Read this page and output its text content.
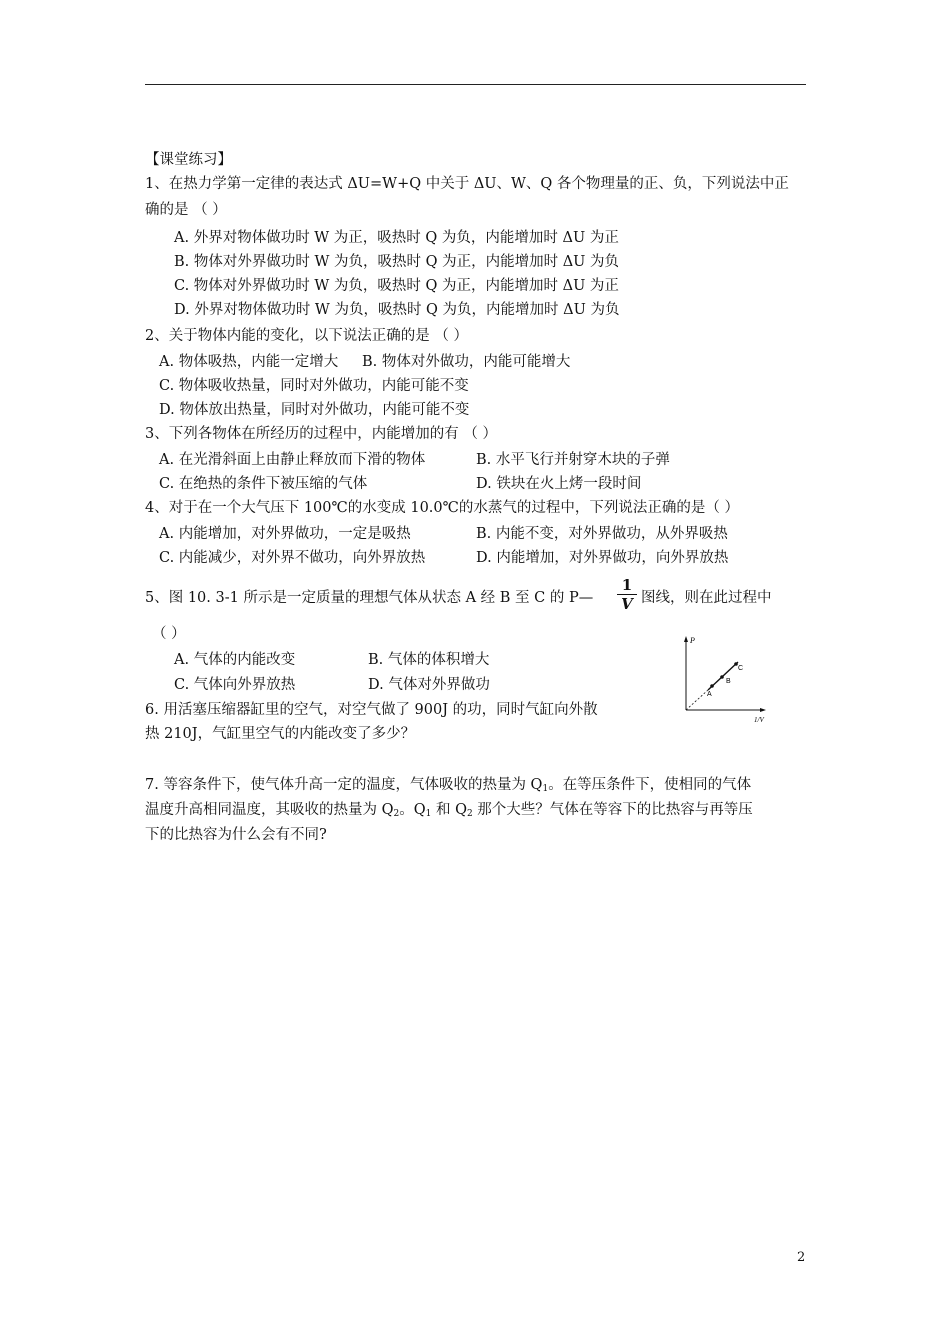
【课堂练习】
1、在热力学第一定律的表达式 ΔU=W+Q 中关于 ΔU、W、Q 各个物理量的正、负，下列说法中正
确的是 （ ）
A. 外界对物体做功时 W 为正，吸热时 Q 为负，内能增加时 ΔU 为正
B. 物体对外界做功时 W 为负，吸热时 Q 为正，内能增加时 ΔU 为负
C. 物体对外界做功时 W 为负，吸热时 Q 为正，内能增加时 ΔU 为正
D. 外界对物体做功时 W 为负，吸热时 Q 为负，内能增加时 ΔU 为负
2、关于物体内能的变化，以下说法正确的是 （ ）
A. 物体吸热，内能一定增大 B. 物体对外做功，内能可能增大
C. 物体吸收热量，同时对外做功，内能可能不变
D. 物体放出热量，同时对外做功，内能可能不变
3、下列各物体在所经历的过程中，内能增加的有 （ ）
A. 在光滑斜面上由静止释放而下滑的物体	B. 水平飞行并射穿木块的子弹
C. 在绝热的条件下被压缩的气体	D. 铁块在火上烤一段时间
4、对于在一个大气压下 100℃的水变成 10.0℃的水蒸气的过程中，下列说法正确的是（ ）
A. 内能增加，对外界做功，一定是吸热	B. 内能不变，对外界做功，从外界吸热
C. 内能减少，对外界不做功，向外界放热	D. 内能增加，对外界做功，向外界放热
5、图 10. 3-1 所示是一定质量的理想气体从状态 A 经 B 至 C 的 P— $\frac{1}{V}$ 图线，则在此过程中
（ ）
A. 气体的内能改变	B. 气体的体积增大
C. 气体向外界放热	D. 气体对外界做功
P
1/V
A
B
C
6. 用活塞压缩器缸里的空气，对空气做了 900J 的功，同时气缸向外散
热 210J，气缸里空气的内能改变了多少？
7. 等容条件下，使气体升高一定的温度，气体吸收的热量为 $Q_1$。在等压条件下，使相同的气体
温度升高相同温度，其吸收的热量为 $Q_2$。$Q_1$ 和 $Q_2$ 那个大些？气体在等容下的比热容与再等压
下的比热容为什么会有不同?
2
